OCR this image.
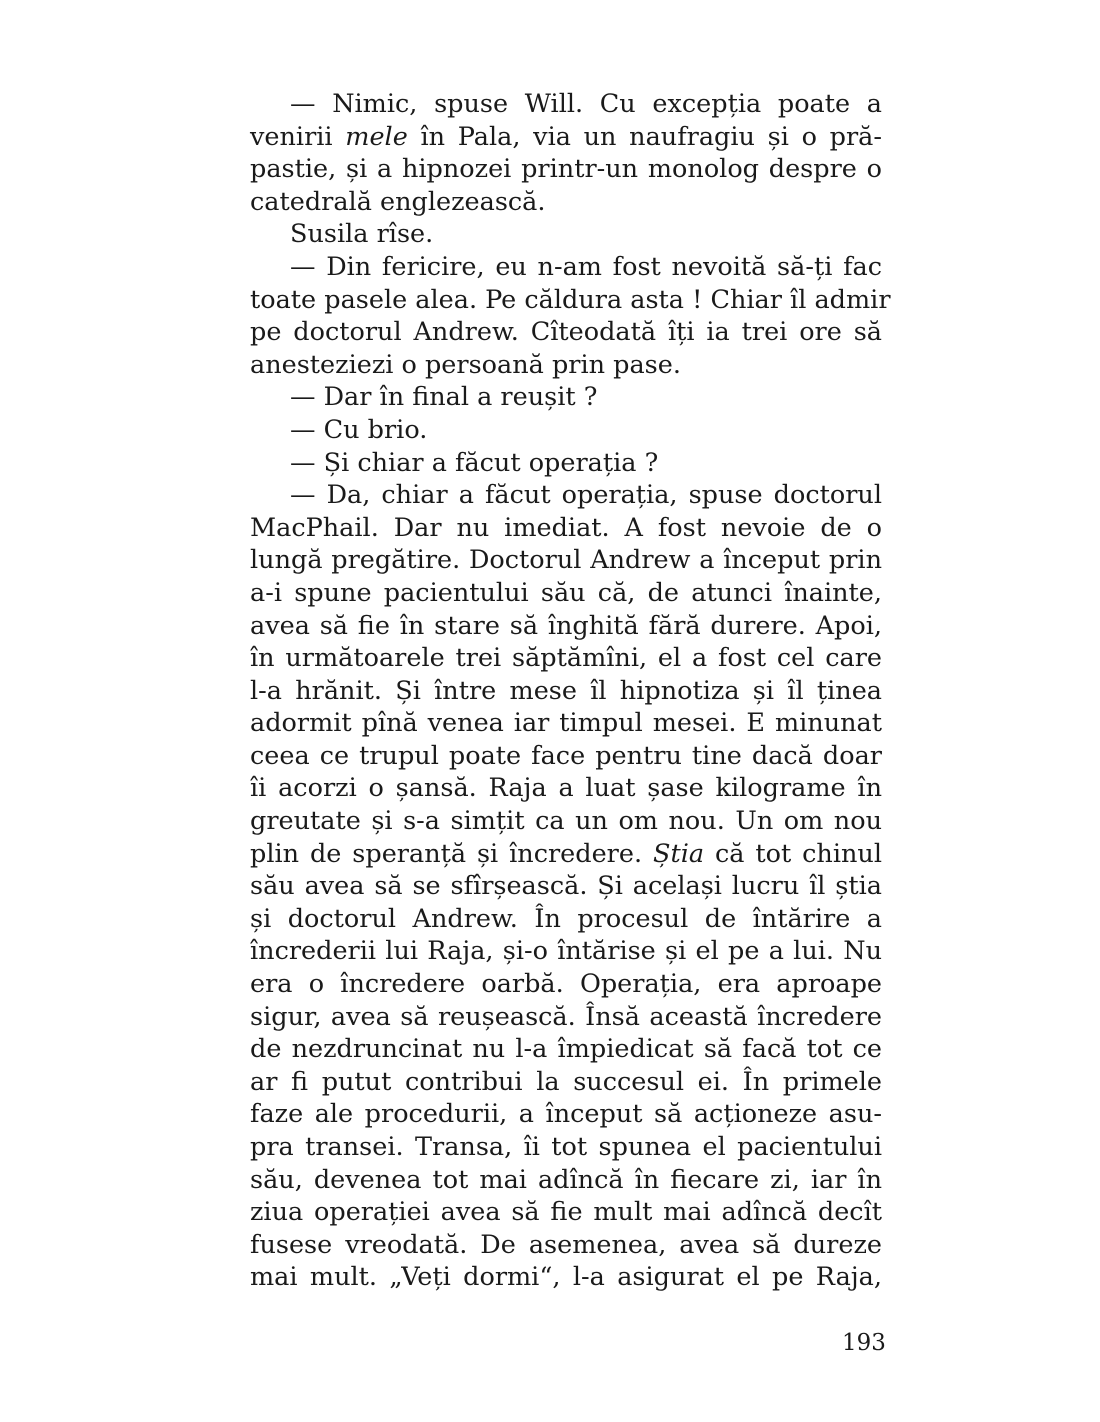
— Nimic, spuse Will. Cu excepția poate a
venirii mele în Pala, via un naufragiu și o pră-
pastie, și a hipnozei printr-un monolog despre o
catedrală englezească.
Susila rîse.
— Din fericire, eu n-am fost nevoită să-ți fac
toate pasele alea. Pe căldura asta ! Chiar îl admir
pe doctorul Andrew. Cîteodată îți ia trei ore să
anesteziezi o persoană prin pase.
— Dar în final a reușit ?
— Cu brio.
— Și chiar a făcut operația ?
— Da, chiar a făcut operația, spuse doctorul
MacPhail. Dar nu imediat. A fost nevoie de o
lungă pregătire. Doctorul Andrew a început prin
a-i spune pacientului său că, de atunci înainte,
avea să fie în stare să înghită fără durere. Apoi,
în următoarele trei săptămîni, el a fost cel care
l-a hrănit. Și între mese îl hipnotiza și îl ținea
adormit pînă venea iar timpul mesei. E minunat
ceea ce trupul poate face pentru tine dacă doar
îi acorzi o șansă. Raja a luat șase kilograme în
greutate și s-a simțit ca un om nou. Un om nou
plin de speranță și încredere. Știa că tot chinul
său avea să se sfîrșească. Și același lucru îl știa
și doctorul Andrew. În procesul de întărire a
încrederii lui Raja, și-o întărise și el pe a lui. Nu
era o încredere oarbă. Operația, era aproape
sigur, avea să reușească. Însă această încredere
de nezdruncinat nu l-a împiedicat să facă tot ce
ar fi putut contribui la succesul ei. În primele
faze ale procedurii, a început să acționeze asu-
pra transei. Transa, îi tot spunea el pacientului
său, devenea tot mai adîncă în fiecare zi, iar în
ziua operației avea să fie mult mai adîncă decît
fusese vreodată. De asemenea, avea să dureze
mai mult. „Veți dormi“, l-a asigurat el pe Raja,
193
